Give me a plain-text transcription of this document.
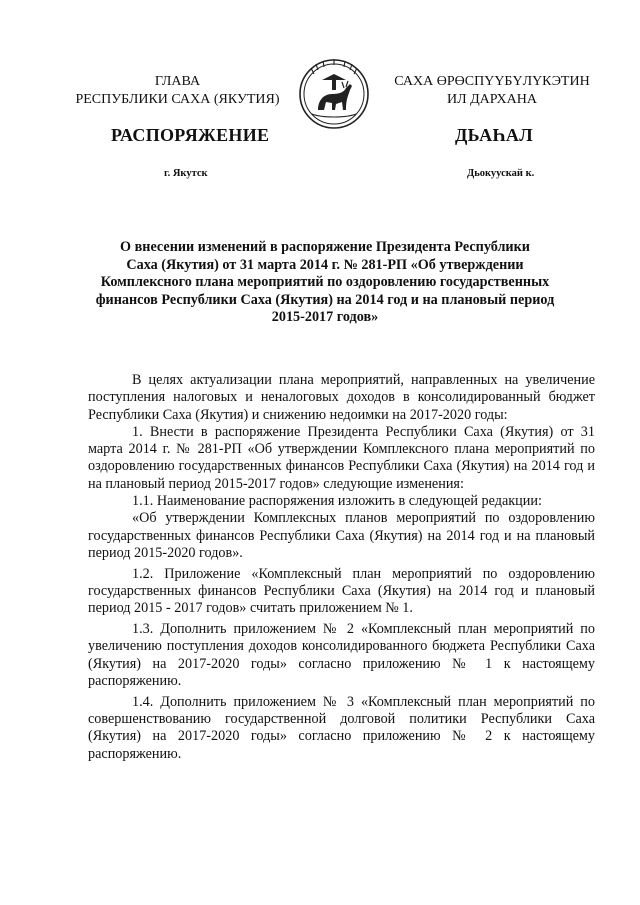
ГЛАВА
РЕСПУБЛИКИ САХА (ЯКУТИЯ)
САХА ӨРӨСПҮҮБҮЛҮКЭТИН
ИЛ ДАРХАНА
РАСПОРЯЖЕНИЕ	ДЬАҺАЛ
г. Якутск	Дьокуускай к.
О внесении изменений в распоряжение Президента Республики
Саха (Якутия) от 31 марта 2014 г. № 281-РП «Об утверждении
Комплексного плана мероприятий по оздоровлению государственных
финансов Республики Саха (Якутия) на 2014 год и на плановый период
2015-2017 годов»
В целях актуализации плана мероприятий, направленных на увеличение поступления налоговых и неналоговых доходов в консолидированный бюджет Республики Саха (Якутия) и снижению недоимки на 2017-2020 годы:
1. Внести в распоряжение Президента Республики Саха (Якутия) от 31 марта 2014 г. № 281-РП «Об утверждении Комплексного плана мероприятий по оздоровлению государственных финансов Республики Саха (Якутия) на 2014 год и на плановый период 2015-2017 годов» следующие изменения:
1.1. Наименование распоряжения изложить в следующей редакции:
«Об утверждении Комплексных планов мероприятий по оздоровлению государственных финансов Республики Саха (Якутия) на 2014 год и на плановый период 2015-2020 годов».
1.2. Приложение «Комплексный план мероприятий по оздоровлению государственных финансов Республики Саха (Якутия) на 2014 год и плановый период 2015 - 2017 годов» считать приложением № 1.
1.3. Дополнить приложением № 2 «Комплексный план мероприятий по увеличению поступления доходов консолидированного бюджета Республики Саха (Якутия) на 2017-2020 годы» согласно приложению № 1 к настоящему распоряжению.
1.4. Дополнить приложением № 3 «Комплексный план мероприятий по совершенствованию государственной долговой политики Республики Саха (Якутия) на 2017-2020 годы» согласно приложению № 2 к настоящему распоряжению.
